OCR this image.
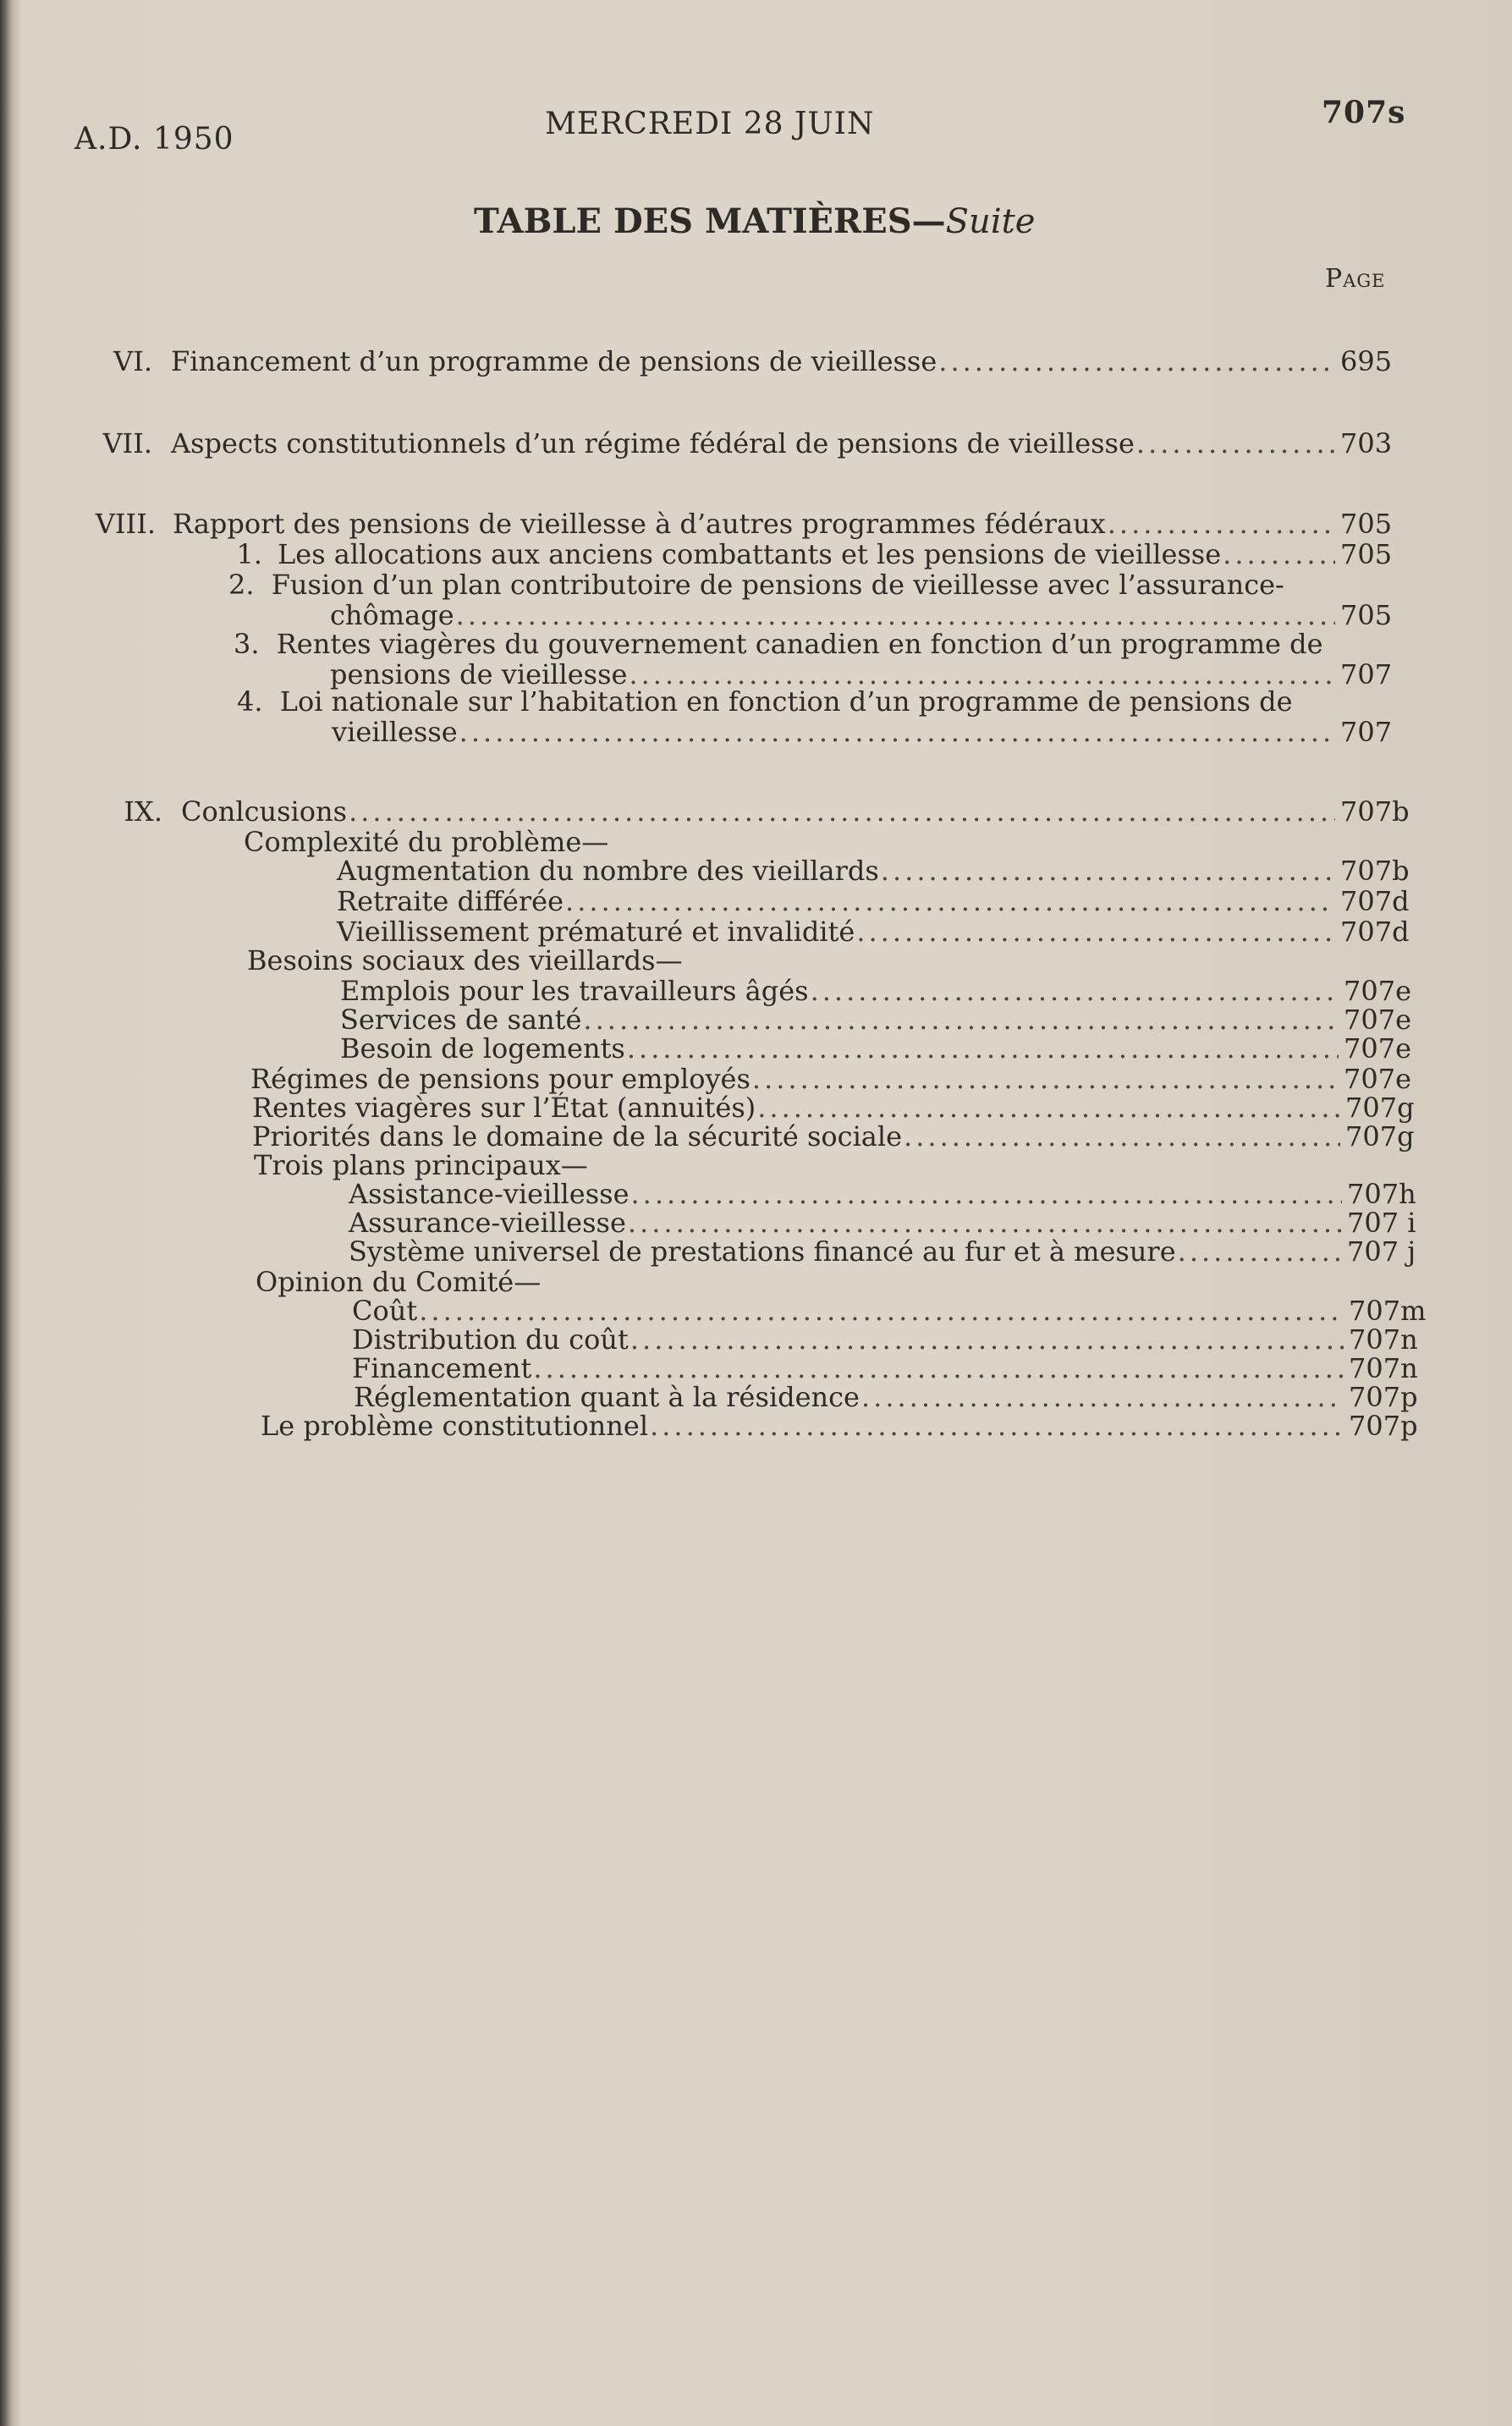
A.D. 1950	MERCREDI 28 JUIN	707s
TABLE DES MATIÈRES—Suite
Page
VI. Financement d’un programme de pensions de vieillesse .....	695
VII. Aspects constitutionnels d’un régime fédéral de pensions de vieillesse .....	703
VIII. Rapport des pensions de vieillesse à d’autres programmes fédéraux .....	705
1. Les allocations aux anciens combattants et les pensions de vieillesse .....	705
2. Fusion d’un plan contributoire de pensions de vieillesse avec l’assurance-
chômage .....	705
3. Rentes viagères du gouvernement canadien en fonction d’un programme de
pensions de vieillesse .....	707
4. Loi nationale sur l’habitation en fonction d’un programme de pensions de
vieillesse .....	707
IX. Conlcusions .....	707b
Complexité du problème—
Augmentation du nombre des vieillards .....	707b
Retraite différée .....	707d
Vieillissement prématuré et invalidité .....	707d
Besoins sociaux des vieillards—
Emplois pour les travailleurs âgés .....	707e
Services de santé .....	707e
Besoin de logements .....	707e
Régimes de pensions pour employés .....	707e
Rentes viagères sur l’État (annuités) .....	707g
Priorités dans le domaine de la sécurité sociale .....	707g
Trois plans principaux—
Assistance-vieillesse .....	707h
Assurance-vieillesse .....	707 i
Système universel de prestations financé au fur et à mesure .....	707 j
Opinion du Comité—
Coût .....	707m
Distribution du coût .....	707n
Financement .....	707n
Réglementation quant à la résidence .....	707p
Le problème constitutionnel .....	707p
